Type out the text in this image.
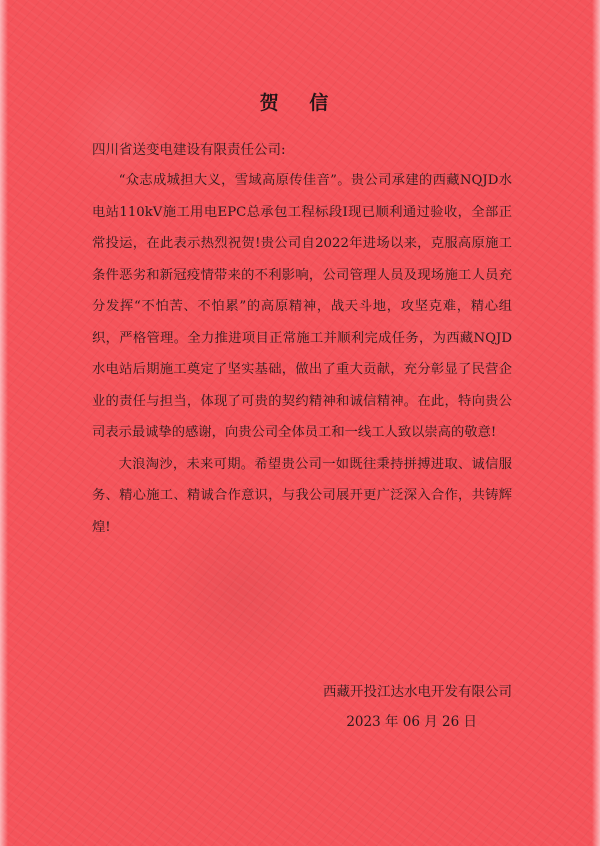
贺 信
四川省送变电建设有限责任公司:

“众志成城担大义，雪域高原传佳音”。贵公司承建的西藏NQJD水电站110kV施工用电EPC总承包工程标段Ⅰ现已顺利通过验收，全部正常投运，在此表示热烈祝贺!贵公司自2022年进场以来，克服高原施工条件恶劣和新冠疫情带来的不利影响，公司管理人员及现场施工人员充分发挥“不怕苦、不怕累”的高原精神，战天斗地，攻坚克难，精心组织，严格管理。全力推进项目正常施工并顺利完成任务，为西藏NQJD水电站后期施工奠定了坚实基础，做出了重大贡献，充分彰显了民营企业的责任与担当，体现了可贵的契约精神和诚信精神。在此，特向贵公司表示最诚挚的感谢，向贵公司全体员工和一线工人致以崇高的敬意!

大浪淘沙，未来可期。希望贵公司一如既往秉持拼搏进取、诚信服务、精心施工、精诚合作意识，与我公司展开更广泛深入合作，共铸辉煌!

西藏开投江达水电开发有限公司
2023 年 06 月 26 日
